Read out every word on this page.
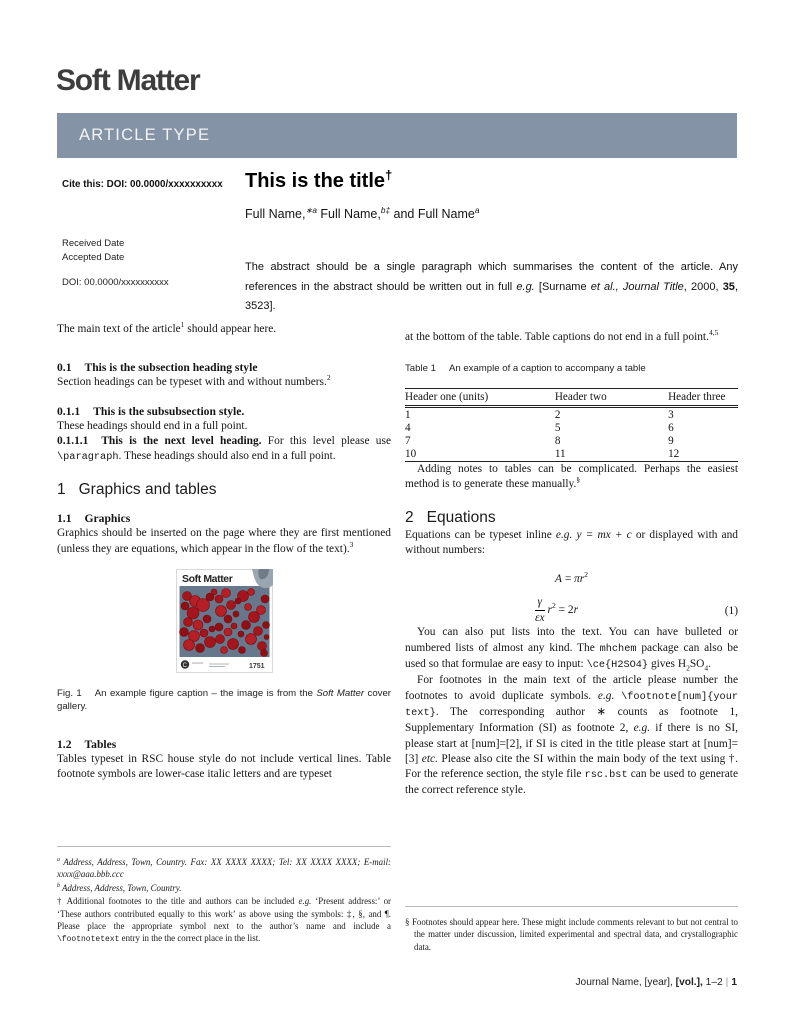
Soft Matter
ARTICLE TYPE
Cite this: DOI: 00.0000/xxxxxxxxxx This is the title†
Full Name,$^{∗a}$ Full Name,$^{b\ddagger}$ and Full Name$^a$
Received Date
Accepted Date
DOI: 00.0000/xxxxxxxxxx
The abstract should be a single paragraph which summarises the content of the article. Any references in the abstract should be written out in full e.g. [Surname et al., Journal Title, 2000, 35, 3523].

The main text of the article$^1$ should appear here.

0.1 This is the subsection heading style

Section headings can be typeset with and without numbers.$^2$

0.1.1 This is the subsubsection style.

These headings should end in a full point.

0.1.1.1 This is the next level heading. For this level please use \paragraph. These headings should also end in a full point.

1 Graphics and tables
1.1 Graphics

Graphics should be inserted on the page where they are first mentioned (unless they are equations, which appear in the flow of the text).$^3$

Soft Matter
C	1751
Fig. 1 An example figure caption – the image is from the Soft Matter cover gallery.
1.2 Tables

Tables typeset in RSC house style do not include vertical lines. Table footnote symbols are lower-case italic letters and are typeset

$^a$ Address, Address, Town, Country. Fax: XX XXXX XXXX; Tel: XX XXXX XXXX; E-mail: xxxx@aaa.bbb.ccc

$^b$ Address, Address, Town, Country.

† Additional footnotes to the title and authors can be included e.g. ‘Present address:’ or ‘These authors contributed equally to this work’ as above using the symbols: ‡, §, and ¶. Please place the appropriate symbol next to the author’s name and include a \footnotetext entry in the the correct place in the list.

at the bottom of the table. Table captions do not end in a full point.$^{4,5}$

Table 1 An example of a caption to accompany a table
Header one (units)	Header two	Header three
1	2	3
4	5	6
7	8	9
10	11	12

Adding notes to tables can be complicated. Perhaps the easiest method is to generate these manually.§

2 Equations

Equations can be typeset inline e.g. y = mx + c or displayed with and without numbers:

$A = \pi r^2$
$\frac{\gamma}{\varepsilon x} r^2 = 2r$	(1)

You can also put lists into the text. You can have bulleted or numbered lists of almost any kind. The mhchem package can also be used so that formulae are easy to input: \ce{H2SO4} gives $H_2SO_4$.

For footnotes in the main text of the article please number the footnotes to avoid duplicate symbols. e.g. \footnote[num]{your text}. The corresponding author ∗ counts as footnote 1, Supplementary Information (SI) as footnote 2, e.g. if there is no SI, please start at [num]=[2], if SI is cited in the title please start at [num]=[3] etc. Please also cite the SI within the main body of the text using †. For the reference section, the style file rsc.bst can be used to generate the correct reference style.

§ Footnotes should appear here. These might include comments relevant to but not central to the matter under discussion, limited experimental and spectral data, and crystallographic data.

Journal Name, [year], [vol.], 1–2 | 1
